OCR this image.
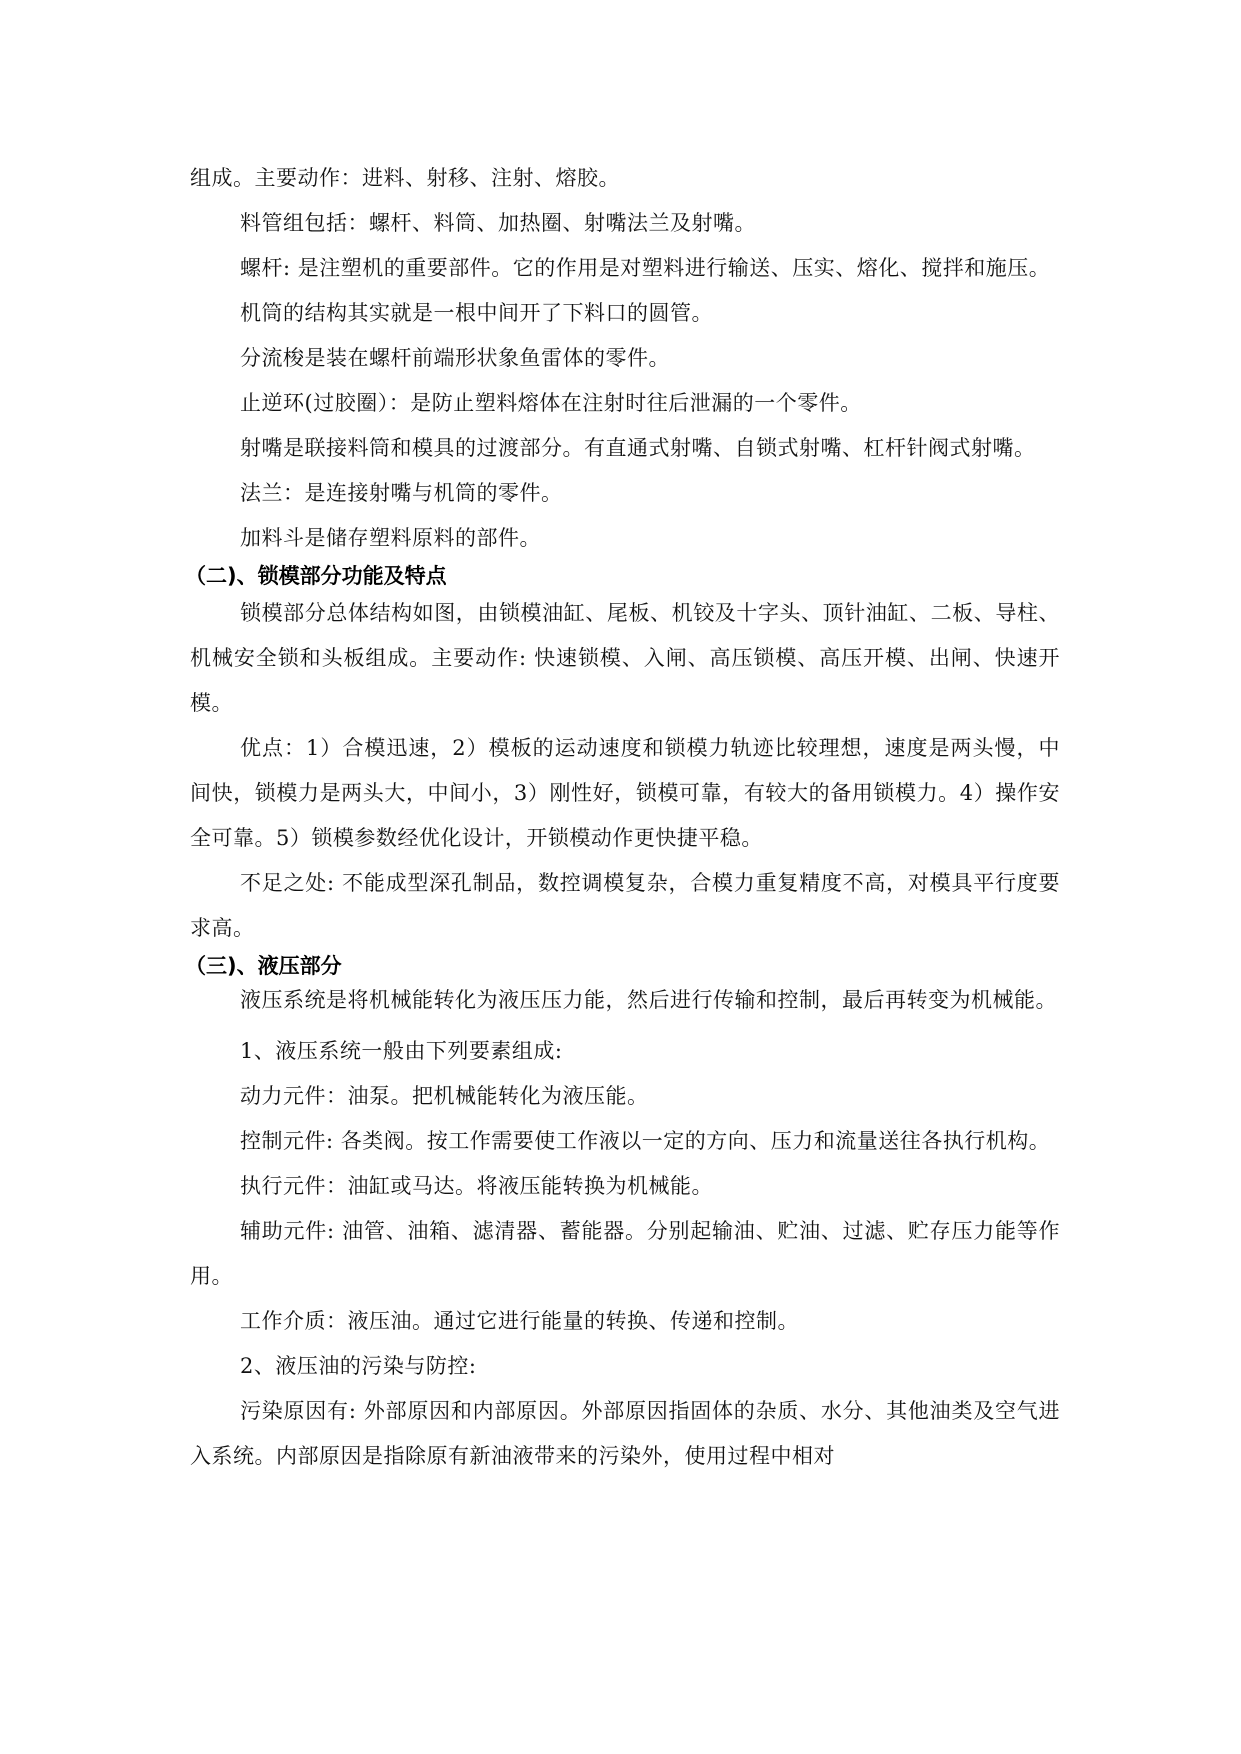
组成。主要动作：进料、射移、注射、熔胶。

料管组包括：螺杆、料筒、加热圈、射嘴法兰及射嘴。

螺杆: 是注塑机的重要部件。它的作用是对塑料进行输送、压实、熔化、搅拌和施压。

机筒的结构其实就是一根中间开了下料口的圆管。

分流梭是装在螺杆前端形状象鱼雷体的零件。

止逆环(过胶圈）：是防止塑料熔体在注射时往后泄漏的一个零件。

射嘴是联接料筒和模具的过渡部分。有直通式射嘴、自锁式射嘴、杠杆针阀式射嘴。

法兰：是连接射嘴与机筒的零件。

加料斗是储存塑料原料的部件。

（二)、锁模部分功能及特点

锁模部分总体结构如图，由锁模油缸、尾板、机铰及十字头、顶针油缸、二板、导柱、机械安全锁和头板组成。主要动作: 快速锁模、入闸、高压锁模、高压开模、出闸、快速开模。

优点：1）合模迅速，2）模板的运动速度和锁模力轨迹比较理想，速度是两头慢，中间快，锁模力是两头大，中间小，3）刚性好，锁模可靠，有较大的备用锁模力。4）操作安全可靠。5）锁模参数经优化设计，开锁模动作更快捷平稳。

不足之处: 不能成型深孔制品，数控调模复杂，合模力重复精度不高，对模具平行度要求高。

（三)、液压部分

液压系统是将机械能转化为液压压力能，然后进行传输和控制，最后再转变为机械能。

1、液压系统一般由下列要素组成:

动力元件：油泵。把机械能转化为液压能。

控制元件: 各类阀。按工作需要使工作液以一定的方向、压力和流量送往各执行机构。

执行元件：油缸或马达。将液压能转换为机械能。

辅助元件: 油管、油箱、滤清器、蓄能器。分别起输油、贮油、过滤、贮存压力能等作用。

工作介质：液压油。通过它进行能量的转换、传递和控制。

2、液压油的污染与防控:

污染原因有: 外部原因和内部原因。外部原因指固体的杂质、水分、其他油类及空气进入系统。内部原因是指除原有新油液带来的污染外，使用过程中相对
